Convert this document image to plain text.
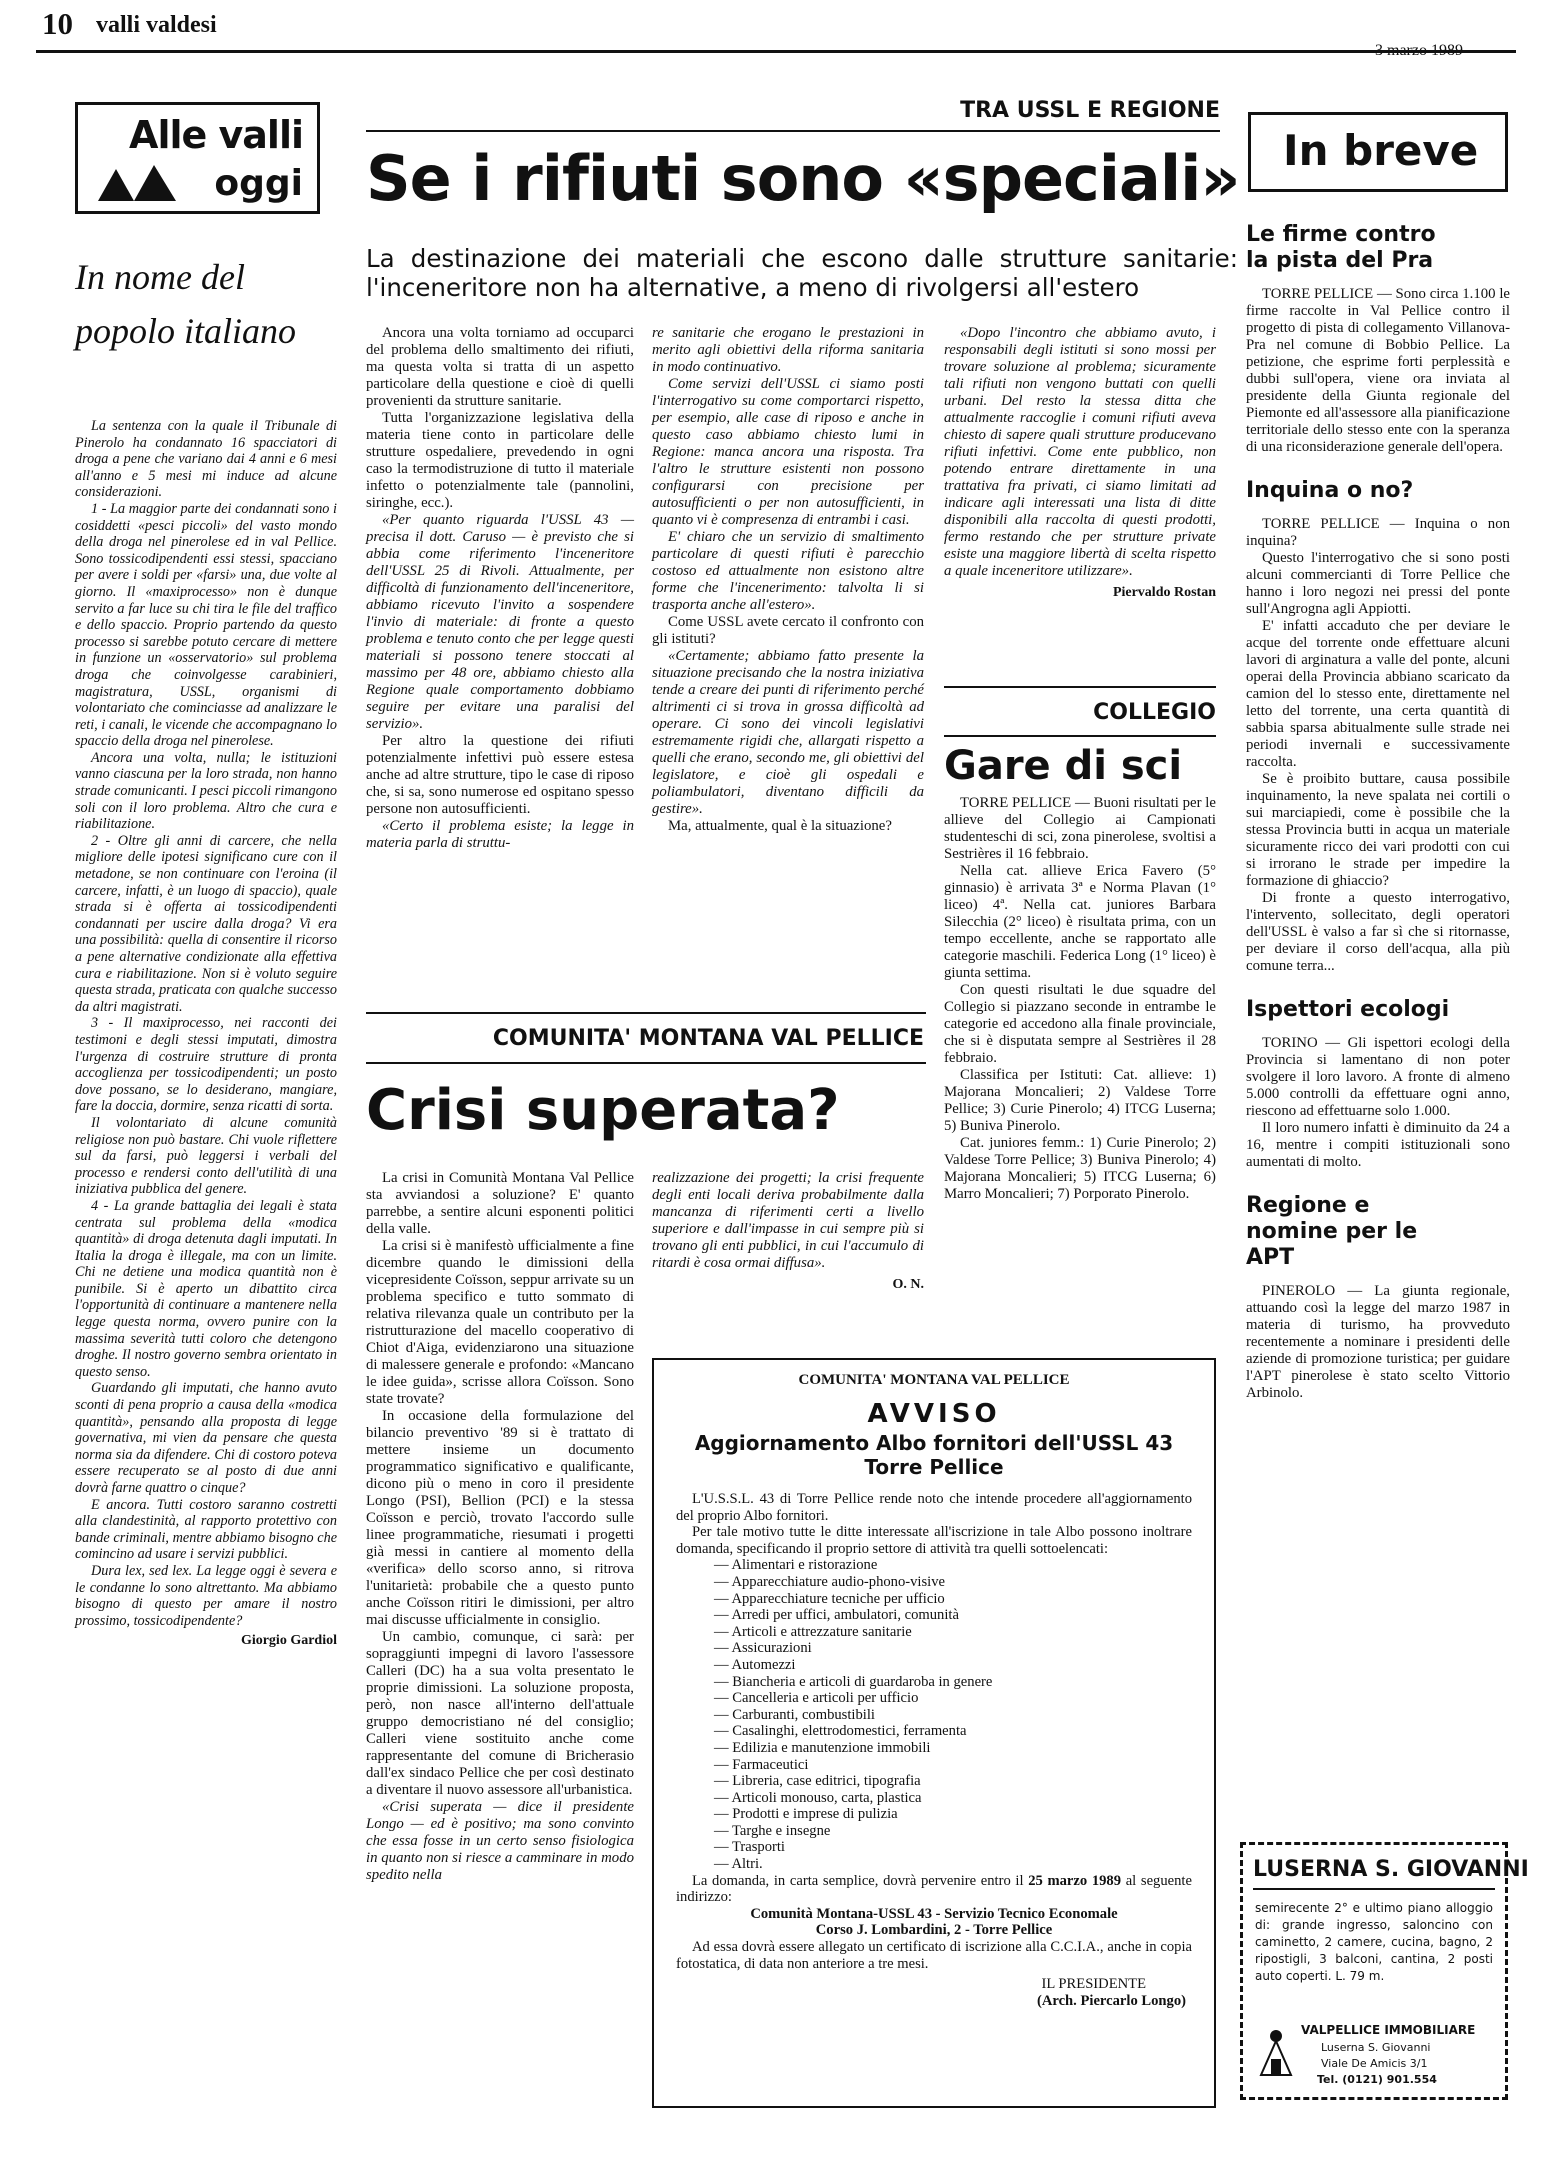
10 valli valdesi
Alle valli
oggi
In nome del popolo italiano

La sentenza con la quale il Tribunale di Pinerolo ha condannato 16 spacciatori di droga a pene che variano dai 4 anni e 6 mesi all'anno e 5 mesi mi induce ad alcune considerazioni.

1 - La maggior parte dei condannati sono i cosiddetti «pesci piccoli» del vasto mondo della droga nel pinerolese ed in val Pellice. Sono tossicodipendenti essi stessi, spacciano per avere i soldi per «farsi» una, due volte al giorno. Il «maxiprocesso» non è dunque servito a far luce su chi tira le file del traffico e dello spaccio. Proprio partendo da questo processo si sarebbe potuto cercare di mettere in funzione un «osservatorio» sul problema droga che coinvolgesse carabinieri, magistratura, USSL, organismi di volontariato che cominciasse ad analizzare le reti, i canali, le vicende che accompagnano lo spaccio della droga nel pinerolese.

Ancora una volta, nulla; le istituzioni vanno ciascuna per la loro strada, non hanno strade comunicanti. I pesci piccoli rimangono soli con il loro problema. Altro che cura e riabilitazione.

2 - Oltre gli anni di carcere, che nella migliore delle ipotesi significano cure con il metadone, se non continuare con l'eroina (il carcere, infatti, è un luogo di spaccio), quale strada si è offerta ai tossicodipendenti condannati per uscire dalla droga? Vi era una possibilità: quella di consentire il ricorso a pene alternative condizionate alla effettiva cura e riabilitazione. Non si è voluto seguire questa strada, praticata con qualche successo da altri magistrati.

3 - Il maxiprocesso, nei racconti dei testimoni e degli stessi imputati, dimostra l'urgenza di costruire strutture di pronta accoglienza per tossicodipendenti; un posto dove possano, se lo desiderano, mangiare, fare la doccia, dormire, senza ricatti di sorta.

Il volontariato di alcune comunità religiose non può bastare. Chi vuole riflettere sul da farsi, può leggersi i verbali del processo e rendersi conto dell'utilità di una iniziativa pubblica del genere.

4 - La grande battaglia dei legali è stata centrata sul problema della «modica quantità» di droga detenuta dagli imputati. In Italia la droga è illegale, ma con un limite. Chi ne detiene una modica quantità non è punibile. Si è aperto un dibattito circa l'opportunità di continuare a mantenere nella legge questa norma, ovvero punire con la massima severità tutti coloro che detengono droghe. Il nostro governo sembra orientato in questo senso.

Guardando gli imputati, che hanno avuto sconti di pena proprio a causa della «modica quantità», pensando alla proposta di legge governativa, mi vien da pensare che questa norma sia da difendere. Chi di costoro poteva essere recuperato se al posto di due anni dovrà farne quattro o cinque?

E ancora. Tutti costoro saranno costretti alla clandestinità, al rapporto protettivo con bande criminali, mentre abbiamo bisogno che comincino ad usare i servizi pubblici.

Dura lex, sed lex. La legge oggi è severa e le condanne lo sono altrettanto. Ma abbiamo bisogno di questo per amare il nostro prossimo, tossicodipendente?

Giorgio Gardiol
TRA USSL E REGIONE
Se i rifiuti sono «speciali»
La destinazione dei materiali che escono dalle strutture sanitarie: l'inceneritore non ha alternative, a meno di rivolgersi all'estero

Ancora una volta torniamo ad occuparci del problema dello smaltimento dei rifiuti, ma questa volta si tratta di un aspetto particolare della questione e cioè di quelli provenienti da strutture sanitarie.

Tutta l'organizzazione legislativa della materia tiene conto in particolare delle strutture ospedaliere, prevedendo in ogni caso la termodistruzione di tutto il materiale infetto o potenzialmente tale (pannolini, siringhe, ecc.).

«Per quanto riguarda l'USSL 43 — precisa il dott. Caruso — è previsto che si abbia come riferimento l'inceneritore dell'USSL 25 di Rivoli. Attualmente, per difficoltà di funzionamento dell'inceneritore, abbiamo ricevuto l'invito a sospendere l'invio di materiale: di fronte a questo problema e tenuto conto che per legge questi materiali si possono tenere stoccati al massimo per 48 ore, abbiamo chiesto alla Regione quale comportamento dobbiamo seguire per evitare una paralisi del servizio».

Per altro la questione dei rifiuti potenzialmente infettivi può essere estesa anche ad altre strutture, tipo le case di riposo che, si sa, sono numerose ed ospitano spesso persone non autosufficienti.

«Certo il problema esiste; la legge in materia parla di struttu-

re sanitarie che erogano le prestazioni in merito agli obiettivi della riforma sanitaria in modo continuativo.

Come servizi dell'USSL ci siamo posti l'interrogativo su come comportarci rispetto, per esempio, alle case di riposo e anche in questo caso abbiamo chiesto lumi in Regione: manca ancora una risposta. Tra l'altro le strutture esistenti non possono configurarsi con precisione per autosufficienti o per non autosufficienti, in quanto vi è compresenza di entrambi i casi.

E' chiaro che un servizio di smaltimento particolare di questi rifiuti è parecchio costoso ed attualmente non esistono altre forme che l'incenerimento: talvolta li si trasporta anche all'estero».

Come USSL avete cercato il confronto con gli istituti?

«Certamente; abbiamo fatto presente la situazione precisando che la nostra iniziativa tende a creare dei punti di riferimento perché altrimenti ci si trova in grossa difficoltà ad operare. Ci sono dei vincoli legislativi estremamente rigidi che, allargati rispetto a quelli che erano, secondo me, gli obiettivi del legislatore, e cioè gli ospedali e poliambulatori, diventano difficili da gestire».

Ma, attualmente, qual è la situazione?

«Dopo l'incontro che abbiamo avuto, i responsabili degli istituti si sono mossi per trovare soluzione al problema; sicuramente tali rifiuti non vengono buttati con quelli urbani. Del resto la stessa ditta che attualmente raccoglie i comuni rifiuti aveva chiesto di sapere quali strutture producevano rifiuti infettivi. Come ente pubblico, non potendo entrare direttamente in una trattativa fra privati, ci siamo limitati ad indicare agli interessati una lista di ditte disponibili alla raccolta di questi prodotti, fermo restando che per strutture private esiste una maggiore libertà di scelta rispetto a quale inceneritore utilizzare».

Piervaldo Rostan
COLLEGIO
Gare di sci

TORRE PELLICE — Buoni risultati per le allieve del Collegio ai Campionati studenteschi di sci, zona pinerolese, svoltisi a Sestrières il 16 febbraio.

Nella cat. allieve Erica Favero (5° ginnasio) è arrivata 3ª e Norma Plavan (1° liceo) 4ª. Nella cat. juniores Barbara Silecchia (2° liceo) è risultata prima, con un tempo eccellente, anche se rapportato alle categorie maschili. Federica Long (1° liceo) è giunta settima.

Con questi risultati le due squadre del Collegio si piazzano seconde in entrambe le categorie ed accedono alla finale provinciale, che si è disputata sempre al Sestrières il 28 febbraio.

Classifica per Istituti: Cat. allieve: 1) Majorana Moncalieri; 2) Valdese Torre Pellice; 3) Curie Pinerolo; 4) ITCG Luserna; 5) Buniva Pinerolo.

Cat. juniores femm.: 1) Curie Pinerolo; 2) Valdese Torre Pellice; 3) Buniva Pinerolo; 4) Majorana Moncalieri; 5) ITCG Luserna; 6) Marro Moncalieri; 7) Porporato Pinerolo.

COMUNITA' MONTANA VAL PELLICE
Crisi superata?

La crisi in Comunità Montana Val Pellice sta avviandosi a soluzione? E' quanto parrebbe, a sentire alcuni esponenti politici della valle.

La crisi si è manifestò ufficialmente a fine dicembre quando le dimissioni della vicepresidente Coïsson, seppur arrivate su un problema specifico e tutto sommato di relativa rilevanza quale un contributo per la ristrutturazione del macello cooperativo di Chiot d'Aiga, evidenziarono una situazione di malessere generale e profondo: «Mancano le idee guida», scrisse allora Coïsson. Sono state trovate?

In occasione della formulazione del bilancio preventivo '89 si è trattato di mettere insieme un documento programmatico significativo e qualificante, dicono più o meno in coro il presidente Longo (PSI), Bellion (PCI) e la stessa Coïsson e perciò, trovato l'accordo sulle linee programmatiche, riesumati i progetti già messi in cantiere al momento della «verifica» dello scorso anno, si ritrova l'unitarietà: probabile che a questo punto anche Coïsson ritiri le dimissioni, per altro mai discusse ufficialmente in consiglio.

Un cambio, comunque, ci sarà: per sopraggiunti impegni di lavoro l'assessore Calleri (DC) ha a sua volta presentato le proprie dimissioni. La soluzione proposta, però, non nasce all'interno dell'attuale gruppo democristiano né del consiglio; Calleri viene sostituito anche come rappresentante del comune di Bricherasio dall'ex sindaco Pellice che per così destinato a diventare il nuovo assessore all'urbanistica.

«Crisi superata — dice il presidente Longo — ed è positivo; ma sono convinto che essa fosse in un certo senso fisiologica in quanto non si riesce a camminare in modo spedito nella

realizzazione dei progetti; la crisi frequente degli enti locali deriva probabilmente dalla mancanza di riferimenti certi a livello superiore e dall'impasse in cui sempre più si trovano gli enti pubblici, in cui l'accumulo di ritardi è cosa ormai diffusa».

O. N.
COMUNITA' MONTANA VAL PELLICE
AVVISO
Aggiornamento Albo fornitori dell'USSL 43
Torre Pellice

L'U.S.S.L. 43 di Torre Pellice rende noto che intende procedere all'aggiornamento del proprio Albo fornitori.

Per tale motivo tutte le ditte interessate all'iscrizione in tale Albo possono inoltrare domanda, specificando il proprio settore di attività tra quelli sottoelencati:

— Alimentari e ristorazione
— Apparecchiature audio-phono-visive
— Apparecchiature tecniche per ufficio
— Arredi per uffici, ambulatori, comunità
— Articoli e attrezzature sanitarie
— Assicurazioni
— Automezzi
— Biancheria e articoli di guardaroba in genere
— Cancelleria e articoli per ufficio
— Carburanti, combustibili
— Casalinghi, elettrodomestici, ferramenta
— Edilizia e manutenzione immobili
— Farmaceutici
— Libreria, case editrici, tipografia
— Articoli monouso, carta, plastica
— Prodotti e imprese di pulizia
— Targhe e insegne
— Trasporti
— Altri.

La domanda, in carta semplice, dovrà pervenire entro il 25 marzo 1989 al seguente indirizzo:

Comunità Montana-USSL 43 - Servizio Tecnico Economale
Corso J. Lombardini, 2 - Torre Pellice

Ad essa dovrà essere allegato un certificato di iscrizione alla C.C.I.A., anche in copia fotostatica, di data non anteriore a tre mesi.

IL PRESIDENTE
(Arch. Piercarlo Longo)
In breve
Le firme contro la pista del Pra

TORRE PELLICE — Sono circa 1.100 le firme raccolte in Val Pellice contro il progetto di pista di collegamento Villanova-Pra nel comune di Bobbio Pellice. La petizione, che esprime forti perplessità e dubbi sull'opera, viene ora inviata al presidente della Giunta regionale del Piemonte ed all'assessore alla pianificazione territoriale dello stesso ente con la speranza di una riconsiderazione generale dell'opera.

Inquina o no?

TORRE PELLICE — Inquina o non inquina?

Questo l'interrogativo che si sono posti alcuni commercianti di Torre Pellice che hanno i loro negozi nei pressi del ponte sull'Angrogna agli Appiotti.

E' infatti accaduto che per deviare le acque del torrente onde effettuare alcuni lavori di arginatura a valle del ponte, alcuni operai della Provincia abbiano scaricato da camion del lo stesso ente, direttamente nel letto del torrente, una certa quantità di sabbia sparsa abitualmente sulle strade nei periodi invernali e successivamente raccolta.

Se è proibito buttare, causa possibile inquinamento, la neve spalata nei cortili o sui marciapiedi, come è possibile che la stessa Provincia butti in acqua un materiale sicuramente ricco dei vari prodotti con cui si irrorano le strade per impedire la formazione di ghiaccio?

Di fronte a questo interrogativo, l'intervento, sollecitato, degli operatori dell'USSL è valso a far sì che si ritornasse, per deviare il corso dell'acqua, alla più comune terra...

Ispettori ecologi

TORINO — Gli ispettori ecologi della Provincia si lamentano di non poter svolgere il loro lavoro. A fronte di almeno 5.000 controlli da effettuare ogni anno, riescono ad effettuarne solo 1.000.

Il loro numero infatti è diminuito da 24 a 16, mentre i compiti istituzionali sono aumentati di molto.

Regione e nomine per le APT

PINEROLO — La giunta regionale, attuando così la legge del marzo 1987 in materia di turismo, ha provveduto recentemente a nominare i presidenti delle aziende di promozione turistica; per guidare l'APT pinerolese è stato scelto Vittorio Arbinolo.

LUSERNA S. GIOVANNI
semirecente 2° e ultimo piano alloggio di: grande ingresso, saloncino con caminetto, 2 camere, cucina, bagno, 2 ripostigli, 3 balconi, cantina, 2 posti auto coperti. L. 79 m.
VALPELLICE IMMOBILIARE
Luserna S. Giovanni
Viale De Amicis 3/1
Tel. (0121) 901.554
